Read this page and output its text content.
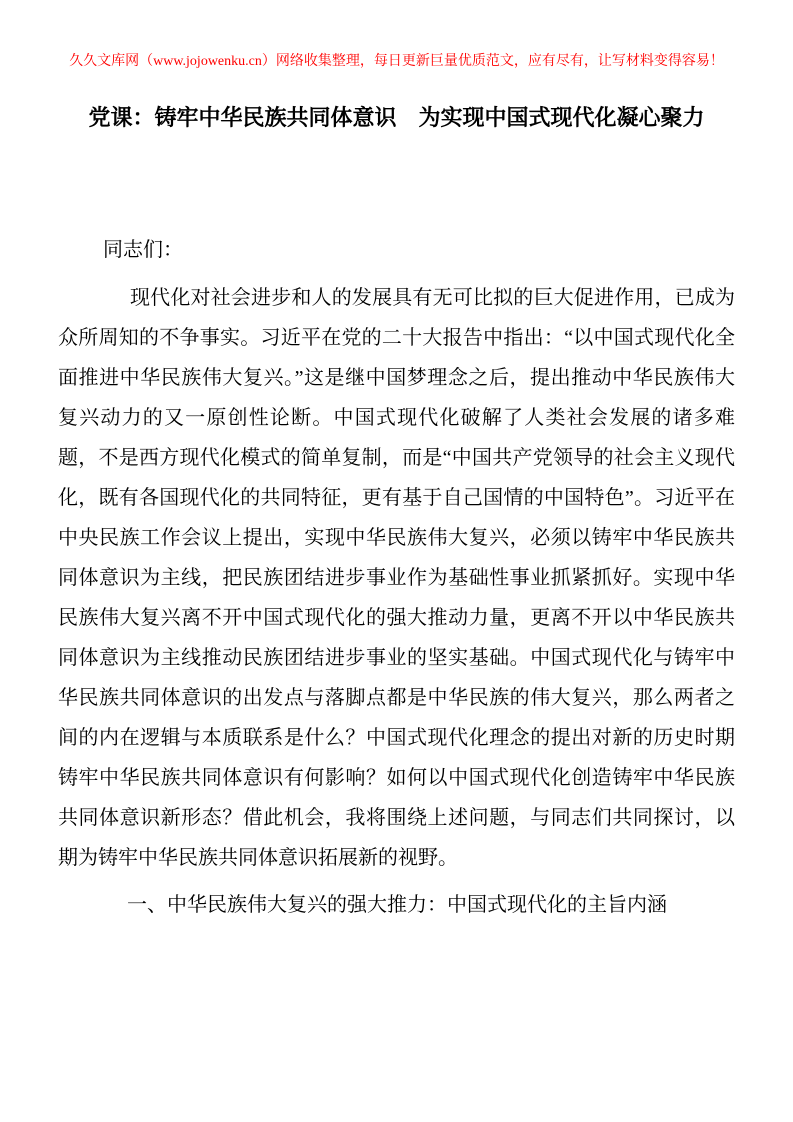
久久文库网（www.jojowenku.cn）网络收集整理，每日更新巨量优质范文，应有尽有，让写材料变得容易！
党课：铸牢中华民族共同体意识　为实现中国式现代化凝心聚力

同志们：

现代化对社会进步和人的发展具有无可比拟的巨大促进作用，已成为众所周知的不争事实。习近平在党的二十大报告中指出：“以中国式现代化全面推进中华民族伟大复兴。”这是继中国梦理念之后，提出推动中华民族伟大复兴动力的又一原创性论断。中国式现代化破解了人类社会发展的诸多难题，不是西方现代化模式的简单复制，而是“中国共产党领导的社会主义现代化，既有各国现代化的共同特征，更有基于自己国情的中国特色”。习近平在中央民族工作会议上提出，实现中华民族伟大复兴，必须以铸牢中华民族共同体意识为主线，把民族团结进步事业作为基础性事业抓紧抓好。实现中华民族伟大复兴离不开中国式现代化的强大推动力量，更离不开以中华民族共同体意识为主线推动民族团结进步事业的坚实基础。中国式现代化与铸牢中华民族共同体意识的出发点与落脚点都是中华民族的伟大复兴，那么两者之间的内在逻辑与本质联系是什么？中国式现代化理念的提出对新的历史时期铸牢中华民族共同体意识有何影响？如何以中国式现代化创造铸牢中华民族共同体意识新形态？借此机会，我将围绕上述问题，与同志们共同探讨，以期为铸牢中华民族共同体意识拓展新的视野。

一、中华民族伟大复兴的强大推力：中国式现代化的主旨内涵
